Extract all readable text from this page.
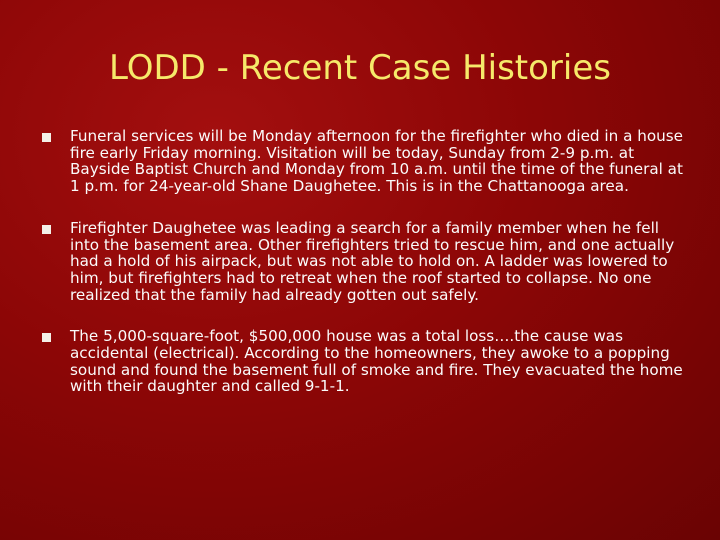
LODD - Recent Case Histories
Funeral services will be Monday afternoon for the firefighter who died in a house fire early Friday morning. Visitation will be today, Sunday from 2-9 p.m. at Bayside Baptist Church and Monday from 10 a.m. until the time of the funeral at 1 p.m. for 24-year-old Shane Daughetee. This is in the Chattanooga area.
Firefighter Daughetee was leading a search for a family member when he fell into the basement area. Other firefighters tried to rescue him, and one actually had a hold of his airpack, but was not able to hold on. A ladder was lowered to him, but firefighters had to retreat when the roof started to collapse. No one realized that the family had already gotten out safely.
The 5,000-square-foot, $500,000 house was a total loss….the cause was accidental (electrical). According to the homeowners, they awoke to a popping sound and found the basement full of smoke and fire. They evacuated the home with their daughter and called 9-1-1.
